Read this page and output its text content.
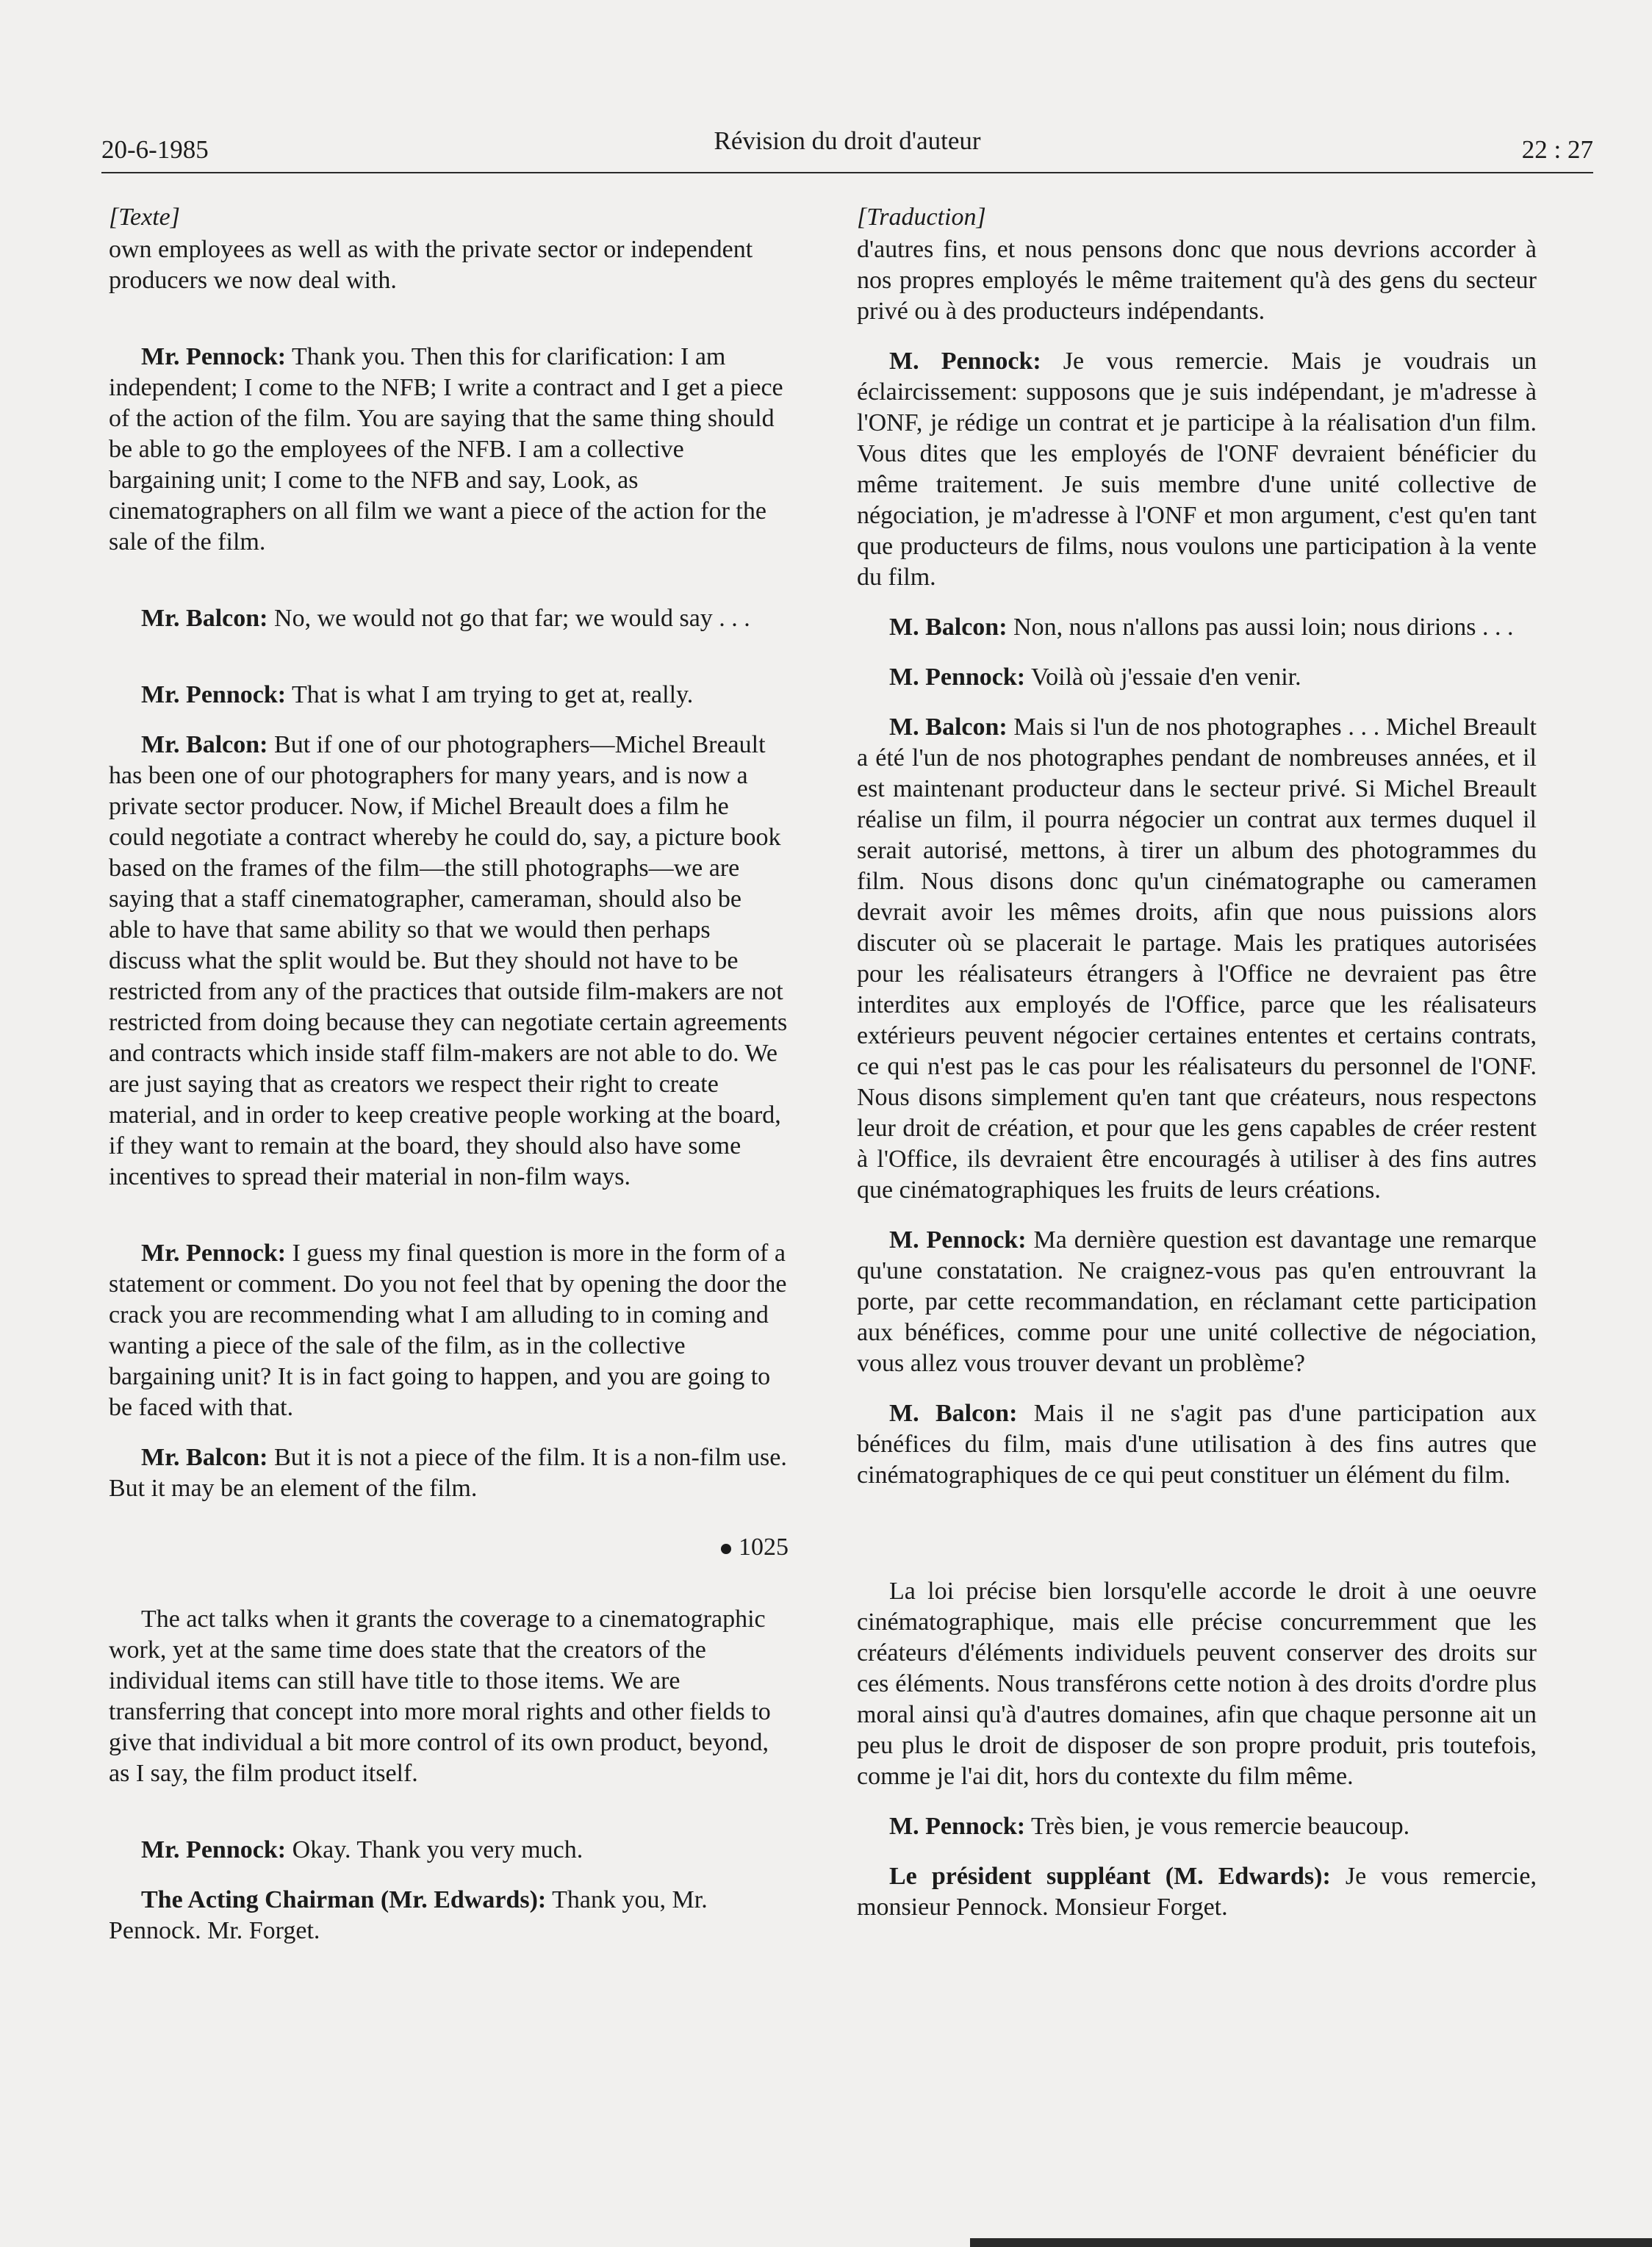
20-6-1985	Révision du droit d'auteur	22 : 27
[Texte]

own employees as well as with the private sector or independent producers we now deal with.

Mr. Pennock: Thank you. Then this for clarification: I am independent; I come to the NFB; I write a contract and I get a piece of the action of the film. You are saying that the same thing should be able to go the employees of the NFB. I am a collective bargaining unit; I come to the NFB and say, Look, as cinematographers on all film we want a piece of the action for the sale of the film.

Mr. Balcon: No, we would not go that far; we would say . . .

Mr. Pennock: That is what I am trying to get at, really.

Mr. Balcon: But if one of our photographers—Michel Breault has been one of our photographers for many years, and is now a private sector producer. Now, if Michel Breault does a film he could negotiate a contract whereby he could do, say, a picture book based on the frames of the film—the still photographs—we are saying that a staff cinematographer, cameraman, should also be able to have that same ability so that we would then perhaps discuss what the split would be. But they should not have to be restricted from any of the practices that outside film-makers are not restricted from doing because they can negotiate certain agreements and contracts which inside staff film-makers are not able to do. We are just saying that as creators we respect their right to create material, and in order to keep creative people working at the board, if they want to remain at the board, they should also have some incentives to spread their material in non-film ways.

Mr. Pennock: I guess my final question is more in the form of a statement or comment. Do you not feel that by opening the door the crack you are recommending what I am alluding to in coming and wanting a piece of the sale of the film, as in the collective bargaining unit? It is in fact going to happen, and you are going to be faced with that.

Mr. Balcon: But it is not a piece of the film. It is a non-film use. But it may be an element of the film.

1025

The act talks when it grants the coverage to a cinematographic work, yet at the same time does state that the creators of the individual items can still have title to those items. We are transferring that concept into more moral rights and other fields to give that individual a bit more control of its own product, beyond, as I say, the film product itself.

Mr. Pennock: Okay. Thank you very much.

The Acting Chairman (Mr. Edwards): Thank you, Mr. Pennock. Mr. Forget.

[Traduction]

d'autres fins, et nous pensons donc que nous devrions accorder à nos propres employés le même traitement qu'à des gens du secteur privé ou à des producteurs indépendants.

M. Pennock: Je vous remercie. Mais je voudrais un éclaircissement: supposons que je suis indépendant, je m'adresse à l'ONF, je rédige un contrat et je participe à la réalisation d'un film. Vous dites que les employés de l'ONF devraient bénéficier du même traitement. Je suis membre d'une unité collective de négociation, je m'adresse à l'ONF et mon argument, c'est qu'en tant que producteurs de films, nous voulons une participation à la vente du film.

M. Balcon: Non, nous n'allons pas aussi loin; nous dirions . . .

M. Pennock: Voilà où j'essaie d'en venir.

M. Balcon: Mais si l'un de nos photographes . . . Michel Breault a été l'un de nos photographes pendant de nombreuses années, et il est maintenant producteur dans le secteur privé. Si Michel Breault réalise un film, il pourra négocier un contrat aux termes duquel il serait autorisé, mettons, à tirer un album des photogrammes du film. Nous disons donc qu'un cinématographe ou cameramen devrait avoir les mêmes droits, afin que nous puissions alors discuter où se placerait le partage. Mais les pratiques autorisées pour les réalisateurs étrangers à l'Office ne devraient pas être interdites aux employés de l'Office, parce que les réalisateurs extérieurs peuvent négocier certaines ententes et certains contrats, ce qui n'est pas le cas pour les réalisateurs du personnel de l'ONF. Nous disons simplement qu'en tant que créateurs, nous respectons leur droit de création, et pour que les gens capables de créer restent à l'Office, ils devraient être encouragés à utiliser à des fins autres que cinématographiques les fruits de leurs créations.

M. Pennock: Ma dernière question est davantage une remarque qu'une constatation. Ne craignez-vous pas qu'en entrouvrant la porte, par cette recommandation, en réclamant cette participation aux bénéfices, comme pour une unité collective de négociation, vous allez vous trouver devant un problème?

M. Balcon: Mais il ne s'agit pas d'une participation aux bénéfices du film, mais d'une utilisation à des fins autres que cinématographiques de ce qui peut constituer un élément du film.

La loi précise bien lorsqu'elle accorde le droit à une oeuvre cinématographique, mais elle précise concurremment que les créateurs d'éléments individuels peuvent conserver des droits sur ces éléments. Nous transférons cette notion à des droits d'ordre plus moral ainsi qu'à d'autres domaines, afin que chaque personne ait un peu plus le droit de disposer de son propre produit, pris toutefois, comme je l'ai dit, hors du contexte du film même.

M. Pennock: Très bien, je vous remercie beaucoup.

Le président suppléant (M. Edwards): Je vous remercie, monsieur Pennock. Monsieur Forget.
